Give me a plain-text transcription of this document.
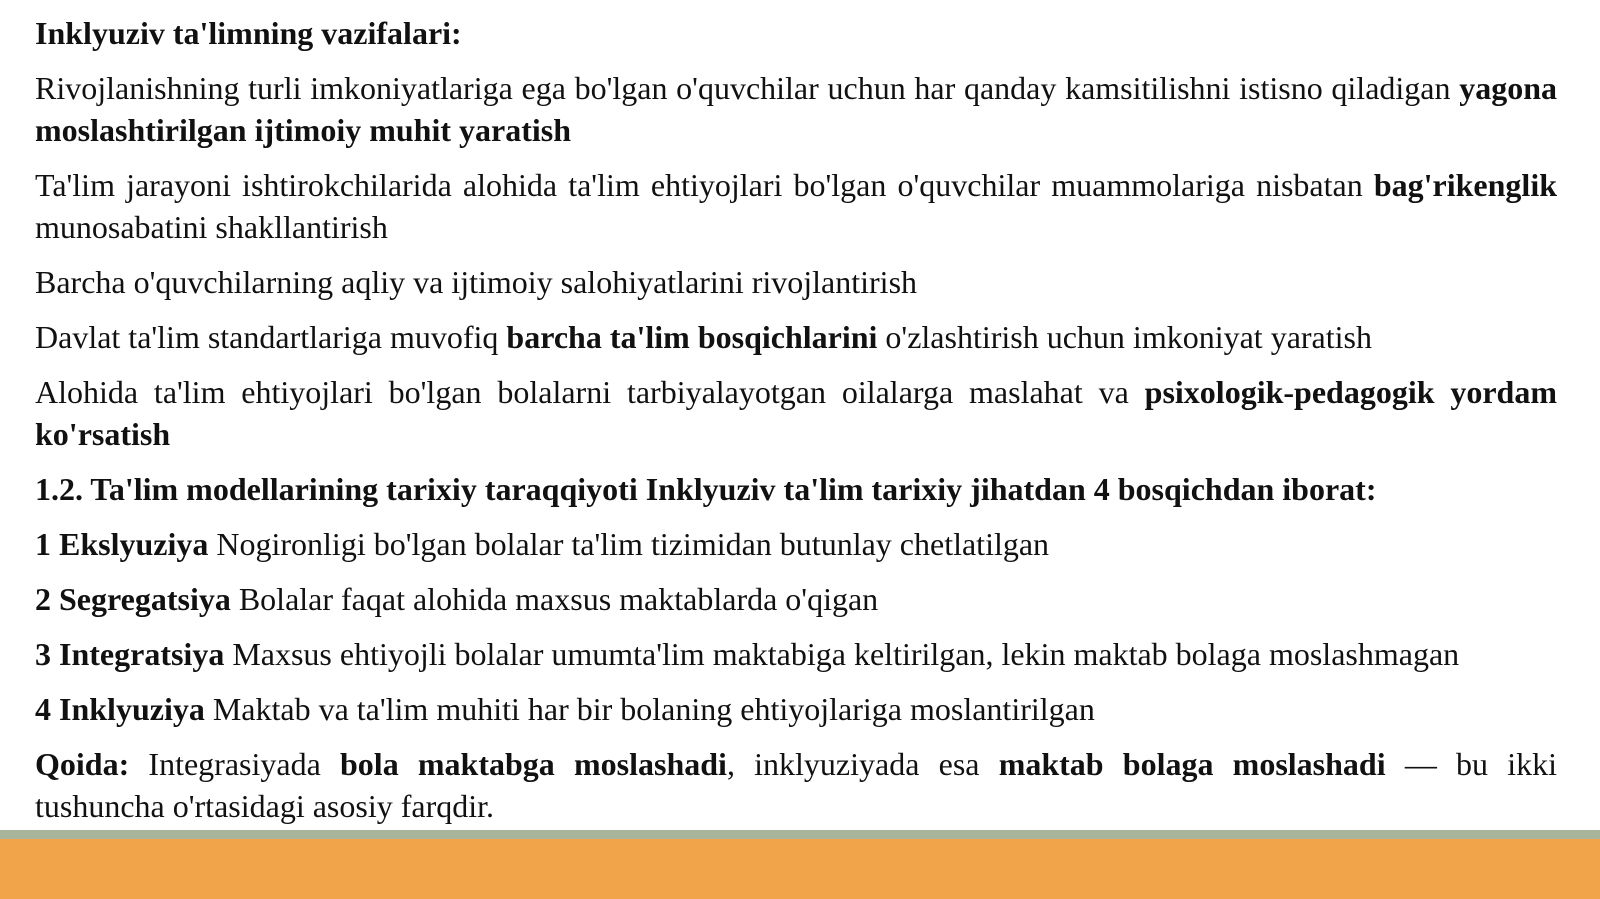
Inklyuziv ta'limning vazifalari:

Rivojlanishning turli imkoniyatlariga ega bo'lgan o'quvchilar uchun har qanday kamsitilishni istisno qiladigan yagona moslashtirilgan ijtimoiy muhit yaratish

Ta'lim jarayoni ishtirokchilarida alohida ta'lim ehtiyojlari bo'lgan o'quvchilar muammolariga nisbatan bag'rikenglik munosabatini shakllantirish

Barcha o'quvchilarning aqliy va ijtimoiy salohiyatlarini rivojlantirish

Davlat ta'lim standartlariga muvofiq barcha ta'lim bosqichlarini o'zlashtirish uchun imkoniyat yaratish

Alohida ta'lim ehtiyojlari bo'lgan bolalarni tarbiyalayotgan oilalarga maslahat va psixologik-pedagogik yordam ko'rsatish

1.2. Ta'lim modellarining tarixiy taraqqiyoti Inklyuziv ta'lim tarixiy jihatdan 4 bosqichdan iborat:

1 Ekslyuziya Nogironligi bo'lgan bolalar ta'lim tizimidan butunlay chetlatilgan

2 Segregatsiya Bolalar faqat alohida maxsus maktablarda o'qigan

3 Integratsiya Maxsus ehtiyojli bolalar umumta'lim maktabiga keltirilgan, lekin maktab bolaga moslashmagan

4 Inklyuziya Maktab va ta'lim muhiti har bir bolaning ehtiyojlariga moslantirilgan

Qoida: Integrasiyada bola maktabga moslashadi, inklyuziyada esa maktab bolaga moslashadi — bu ikki tushuncha o'rtasidagi asosiy farqdir.
